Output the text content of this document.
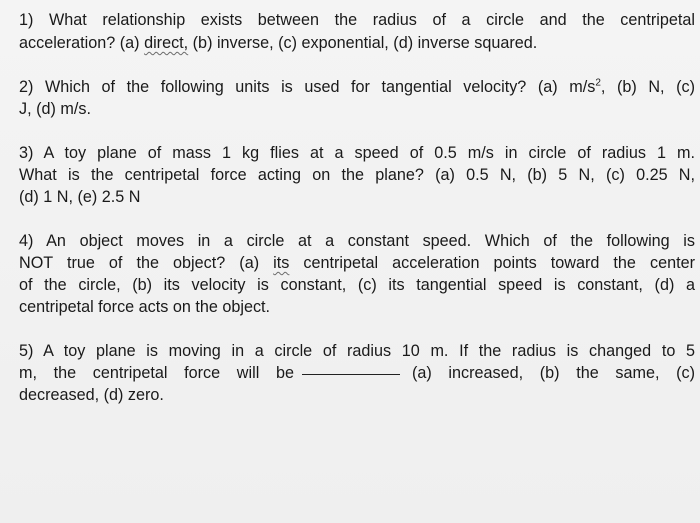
1) What relationship exists between the radius of a circle and the centripetal
acceleration? (a) direct, (b) inverse, (c) exponential, (d) inverse squared.
2) Which of the following units is used for tangential velocity? (a) $m/s^2$, (b) N, (c)
J, (d) m/s.
3) A toy plane of mass 1 kg flies at a speed of 0.5 m/s in circle of radius 1 m.
What is the centripetal force acting on the plane? (a) 0.5 N, (b) 5 N, (c) 0.25 N,
(d) 1 N, (e) 2.5 N
4) An object moves in a circle at a constant speed. Which of the following is
NOT true of the object? (a) its centripetal acceleration points toward the center
of the circle, (b) its velocity is constant, (c) its tangential speed is constant, (d) a
centripetal force acts on the object.
5) A toy plane is moving in a circle of radius 10 m. If the radius is changed to 5
m, the centripetal force will be	(a) increased, (b) the same, (c)
decreased, (d) zero.
